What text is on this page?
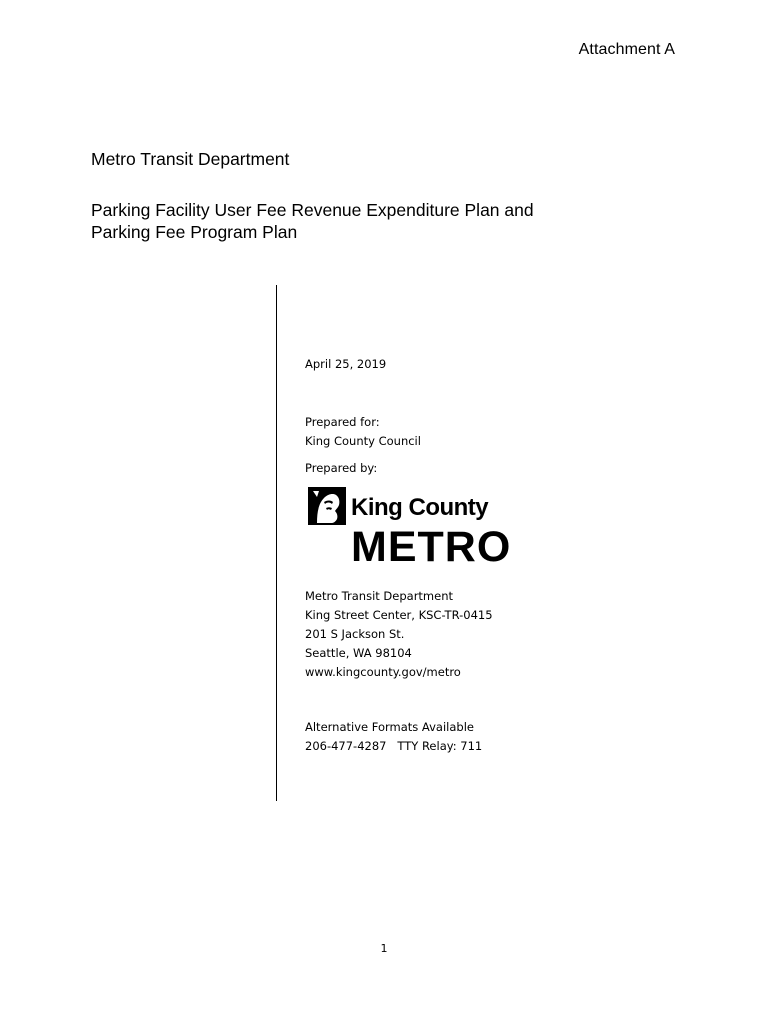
Attachment A
Metro Transit Department
Parking Facility User Fee Revenue Expenditure Plan and
Parking Fee Program Plan
April 25, 2019
Prepared for:
King County Council
Prepared by:
King County
METRO
Metro Transit Department
King Street Center, KSC-TR-0415
201 S Jackson St.
Seattle, WA 98104
www.kingcounty.gov/metro
Alternative Formats Available
206-477-4287   TTY Relay: 711
1
